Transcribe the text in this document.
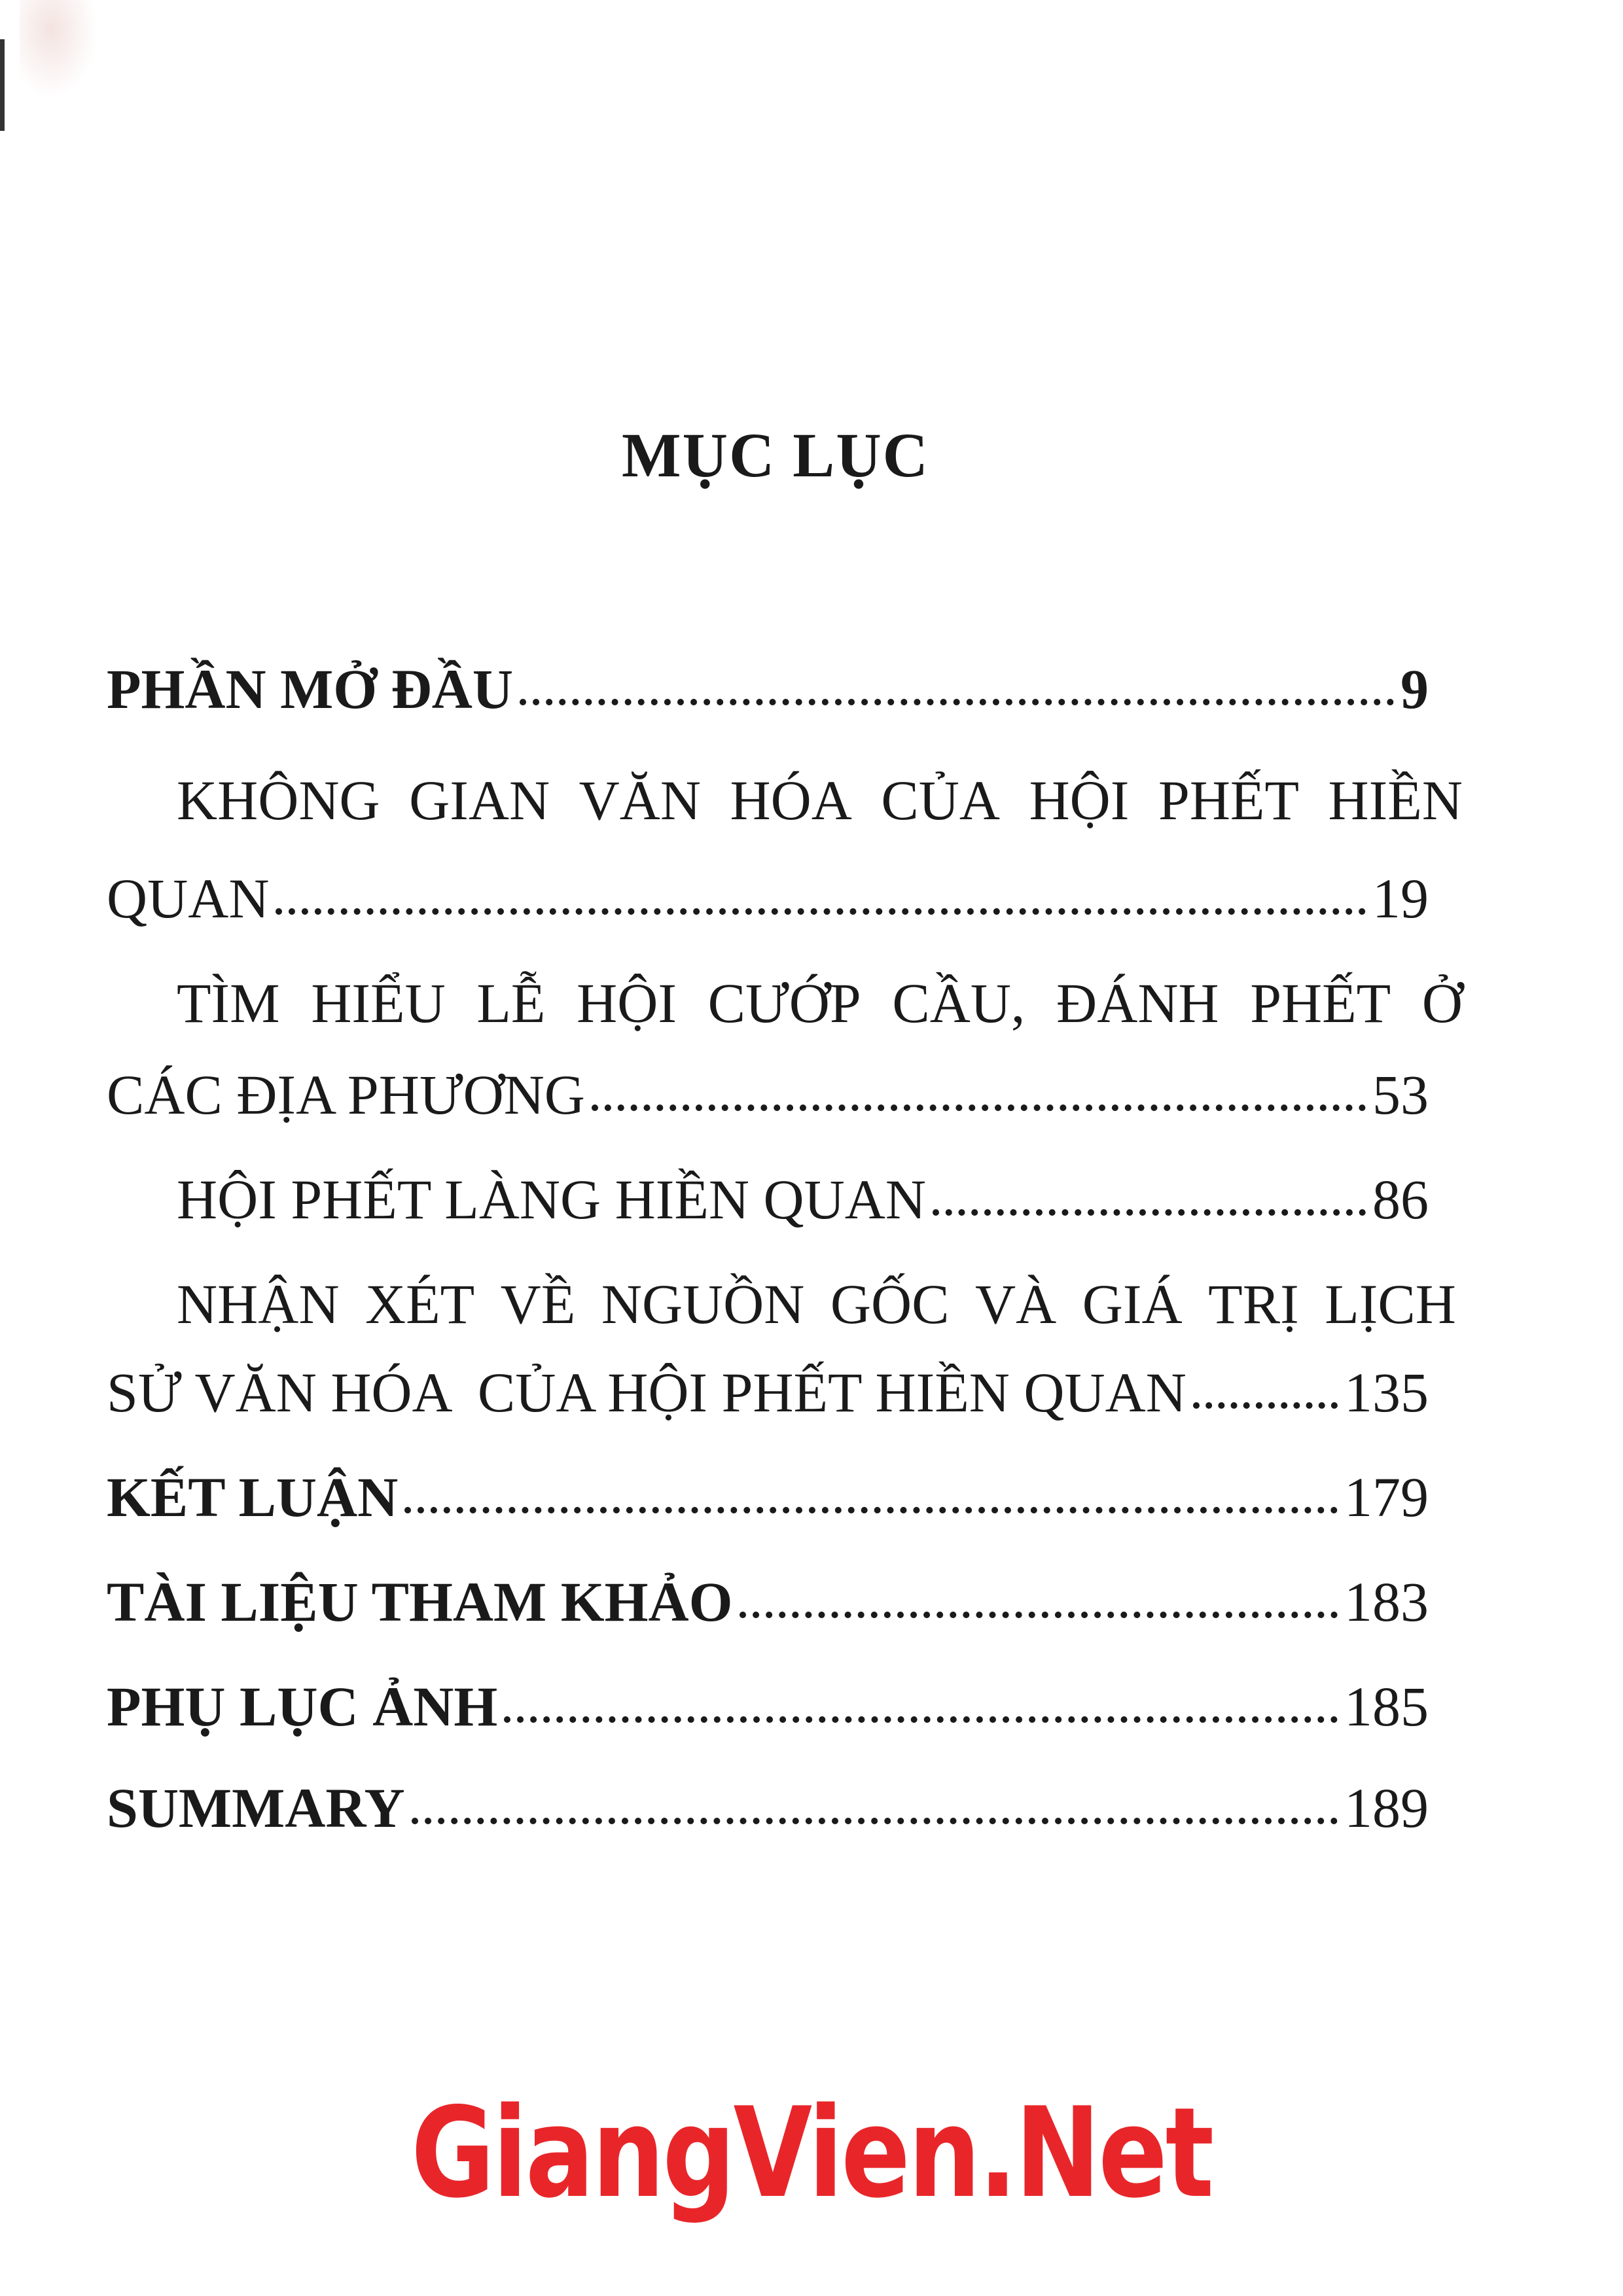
MỤC LỤC
PHẦN MỞ ĐẦU	9
KHÔNG GIAN VĂN HÓA CỦA HỘI PHẾT HIỀN
QUAN	19
TÌM HIỂU LỄ HỘI CƯỚP CẦU, ĐÁNH PHẾT Ở
CÁC ĐỊA PHƯƠNG	53
HỘI PHẾT LÀNG HIỀN QUAN	86
NHẬN XÉT VỀ NGUỒN GỐC VÀ GIÁ TRỊ LỊCH
SỬ VĂN HÓA  CỦA HỘI PHẾT HIỀN QUAN	135
KẾT LUẬN	179
TÀI LIỆU THAM KHẢO	183
PHỤ LỤC ẢNH	185
SUMMARY	189
GiangVien.Net
